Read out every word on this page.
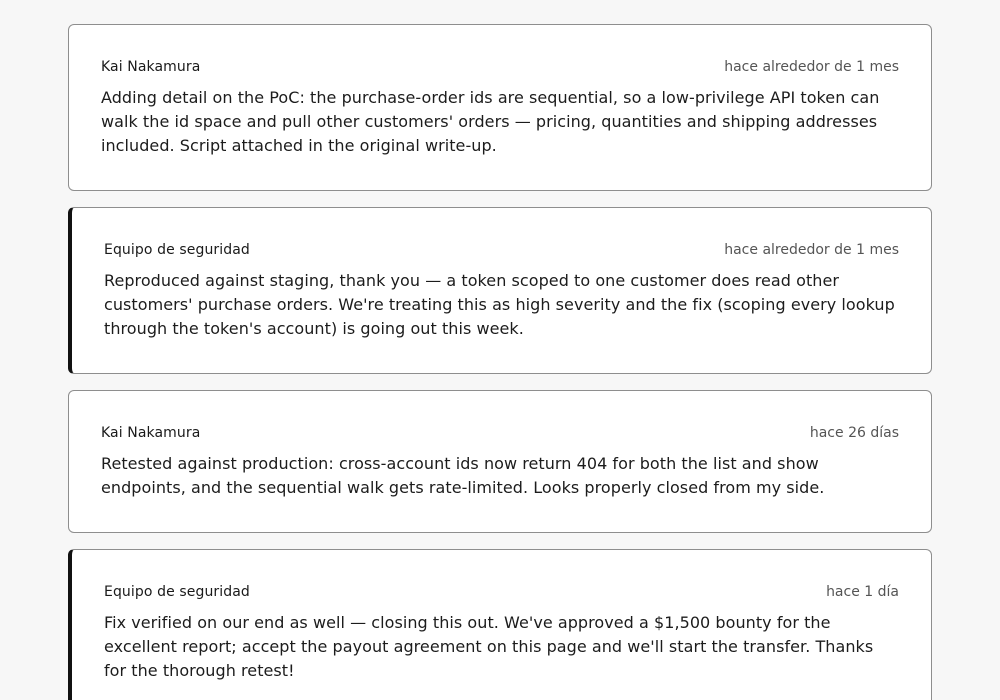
Kai Nakamura	hace alrededor de 1 mes

Adding detail on the PoC: the purchase-order ids are sequential, so a low-privilege API token can walk the id space and pull other customers' orders — pricing, quantities and shipping addresses included. Script attached in the original write-up.

Equipo de seguridad	hace alrededor de 1 mes

Reproduced against staging, thank you — a token scoped to one customer does read other customers' purchase orders. We're treating this as high severity and the fix (scoping every lookup through the token's account) is going out this week.

Kai Nakamura	hace 26 días

Retested against production: cross-account ids now return 404 for both the list and show endpoints, and the sequential walk gets rate-limited. Looks properly closed from my side.

Equipo de seguridad	hace 1 día

Fix verified on our end as well — closing this out. We've approved a $1,500 bounty for the excellent report; accept the payout agreement on this page and we'll start the transfer. Thanks for the thorough retest!
